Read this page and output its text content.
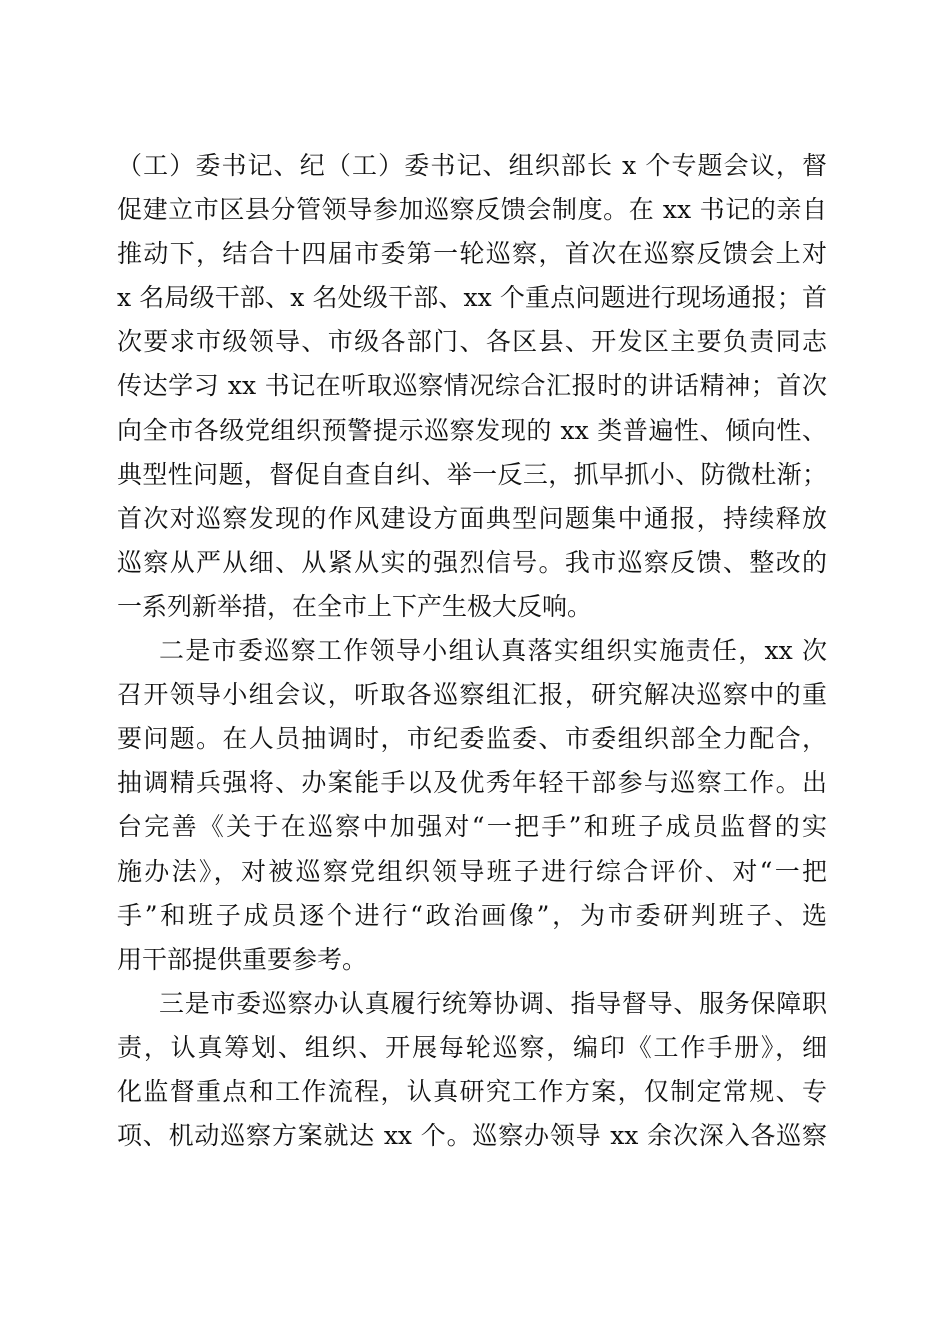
（工）委书记、纪（工）委书记、组织部长 x 个专题会议，督
促建立市区县分管领导参加巡察反馈会制度。在 xx 书记的亲自
推动下，结合十四届市委第一轮巡察，首次在巡察反馈会上对
x 名局级干部、x 名处级干部、xx 个重点问题进行现场通报；首
次要求市级领导、市级各部门、各区县、开发区主要负责同志
传达学习 xx 书记在听取巡察情况综合汇报时的讲话精神；首次
向全市各级党组织预警提示巡察发现的 xx 类普遍性、倾向性、
典型性问题，督促自查自纠、举一反三，抓早抓小、防微杜渐；
首次对巡察发现的作风建设方面典型问题集中通报，持续释放
巡察从严从细、从紧从实的强烈信号。我市巡察反馈、整改的
一系列新举措，在全市上下产生极大反响。
二是市委巡察工作领导小组认真落实组织实施责任，xx 次
召开领导小组会议，听取各巡察组汇报，研究解决巡察中的重
要问题。在人员抽调时，市纪委监委、市委组织部全力配合，
抽调精兵强将、办案能手以及优秀年轻干部参与巡察工作。出
台完善《关于在巡察中加强对“一把手”和班子成员监督的实
施办法》，对被巡察党组织领导班子进行综合评价、对“一把
手”和班子成员逐个进行“政治画像”，为市委研判班子、选
用干部提供重要参考。
三是市委巡察办认真履行统筹协调、指导督导、服务保障职
责，认真筹划、组织、开展每轮巡察，编印《工作手册》，细
化监督重点和工作流程，认真研究工作方案，仅制定常规、专
项、机动巡察方案就达 xx 个。巡察办领导 xx 余次深入各巡察
